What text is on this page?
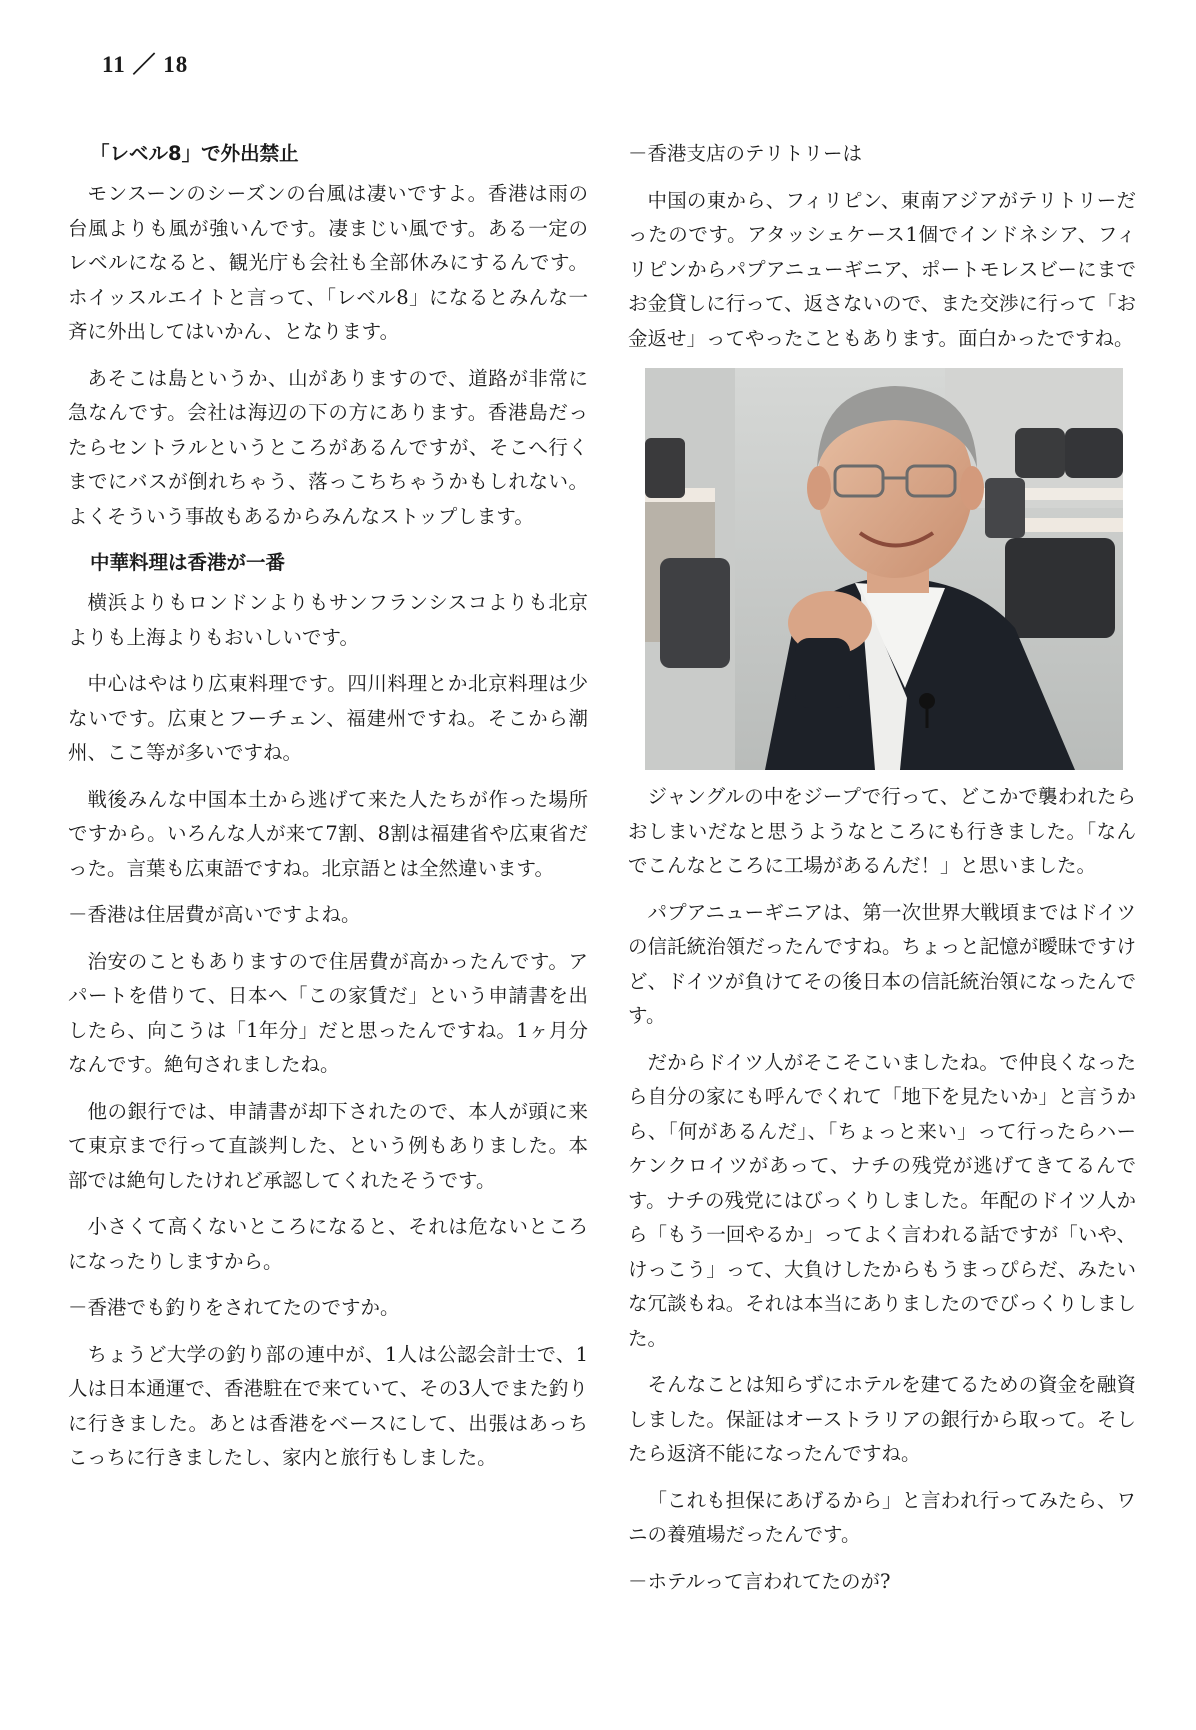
11 ／ 18
「レベル8」で外出禁止

モンスーンのシーズンの台風は凄いですよ。香港は雨の台風よりも風が強いんです。凄まじい風です。ある一定のレベルになると、観光庁も会社も全部休みにするんです。ホイッスルエイトと言って、「レベル8」になるとみんな一斉に外出してはいかん、となります。

あそこは島というか、山がありますので、道路が非常に急なんです。会社は海辺の下の方にあります。香港島だったらセントラルというところがあるんですが、そこへ行くまでにバスが倒れちゃう、落っこちちゃうかもしれない。よくそういう事故もあるからみんなストップします。

中華料理は香港が一番

横浜よりもロンドンよりもサンフランシスコよりも北京よりも上海よりもおいしいです。

中心はやはり広東料理です。四川料理とか北京料理は少ないです。広東とフーチェン、福建州ですね。そこから潮州、ここ等が多いですね。

戦後みんな中国本土から逃げて来た人たちが作った場所ですから。いろんな人が来て7割、8割は福建省や広東省だった。言葉も広東語ですね。北京語とは全然違います。

－香港は住居費が高いですよね。

治安のこともありますので住居費が高かったんです。アパートを借りて、日本へ「この家賃だ」という申請書を出したら、向こうは「1年分」だと思ったんですね。1ヶ月分なんです。絶句されましたね。

他の銀行では、申請書が却下されたので、本人が頭に来て東京まで行って直談判した、という例もありました。本部では絶句したけれど承認してくれたそうです。

小さくて高くないところになると、それは危ないところになったりしますから。

－香港でも釣りをされてたのですか。

ちょうど大学の釣り部の連中が、1人は公認会計士で、1人は日本通運で、香港駐在で来ていて、その3人でまた釣りに行きました。あとは香港をベースにして、出張はあっちこっちに行きましたし、家内と旅行もしました。

－香港支店のテリトリーは

中国の東から、フィリピン、東南アジアがテリトリーだったのです。アタッシェケース1個でインドネシア、フィリピンからパプアニューギニア、ポートモレスビーにまでお金貸しに行って、返さないので、また交渉に行って「お金返せ」ってやったこともあります。面白かったですね。

ジャングルの中をジープで行って、どこかで襲われたらおしまいだなと思うようなところにも行きました。「なんでこんなところに工場があるんだ！」と思いました。

パプアニューギニアは、第一次世界大戦頃まではドイツの信託統治領だったんですね。ちょっと記憶が曖昧ですけど、ドイツが負けてその後日本の信託統治領になったんです。

だからドイツ人がそこそこいましたね。で仲良くなったら自分の家にも呼んでくれて「地下を見たいか」と言うから、「何があるんだ」、「ちょっと来い」って行ったらハーケンクロイツがあって、ナチの残党が逃げてきてるんです。ナチの残党にはびっくりしました。年配のドイツ人から「もう一回やるか」ってよく言われる話ですが「いや、けっこう」って、大負けしたからもうまっぴらだ、みたいな冗談もね。それは本当にありましたのでびっくりしました。

そんなことは知らずにホテルを建てるための資金を融資しました。保証はオーストラリアの銀行から取って。そしたら返済不能になったんですね。

「これも担保にあげるから」と言われ行ってみたら、ワニの養殖場だったんです。

－ホテルって言われてたのが?
